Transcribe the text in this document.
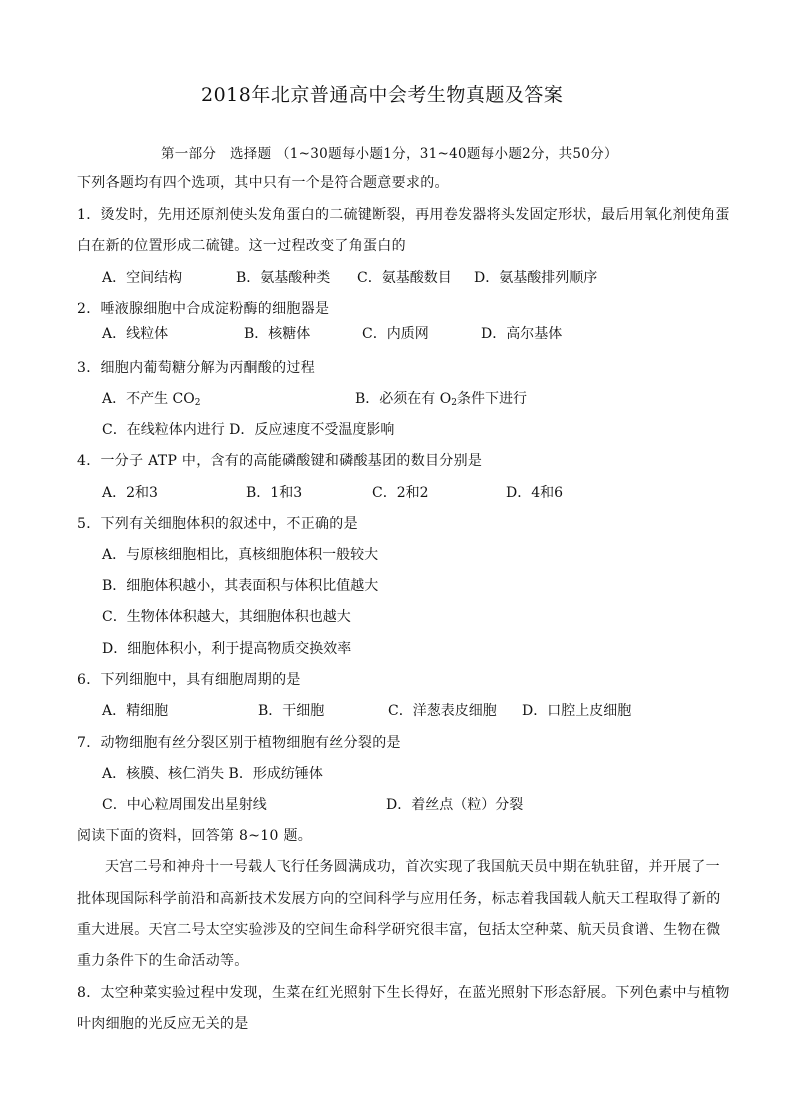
2018年北京普通高中会考生物真题及答案
第一部分　选择题 （1~30题每小题1分，31~40题每小题2分，共50分）
下列各题均有四个选项，其中只有一个是符合题意要求的。
1．烫发时，先用还原剂使头发角蛋白的二硫键断裂，再用卷发器将头发固定形状，最后用氧化剂使角蛋
白在新的位置形成二硫键。这一过程改变了角蛋白的
A．空间结构	B．氨基酸种类 C．氨基酸数目 D．氨基酸排列顺序
2．唾液腺细胞中合成淀粉酶的细胞器是
A．线粒体	B．核糖体	C．内质网	D．高尔基体
3．细胞内葡萄糖分解为丙酮酸的过程
A．不产生 $CO_2$	B．必须在有 $O_2$条件下进行
C．在线粒体内进行 D．反应速度不受温度影响
4．一分子 ATP 中，含有的高能磷酸键和磷酸基团的数目分别是
A．2和3	B．1和3	C．2和2	D．4和6
5．下列有关细胞体积的叙述中，不正确的是
A．与原核细胞相比，真核细胞体积一般较大
B．细胞体积越小，其表面积与体积比值越大
C．生物体体积越大，其细胞体积也越大
D．细胞体积小，利于提高物质交换效率
6．下列细胞中，具有细胞周期的是
A．精细胞	B．干细胞	C．洋葱表皮细胞 D．口腔上皮细胞
7．动物细胞有丝分裂区别于植物细胞有丝分裂的是
A．核膜、核仁消失 B．形成纺锤体
C．中心粒周围发出星射线	D．着丝点（粒）分裂
阅读下面的资料，回答第 8~10 题。
天宫二号和神舟十一号载人飞行任务圆满成功，首次实现了我国航天员中期在轨驻留，并开展了一
批体现国际科学前沿和高新技术发展方向的空间科学与应用任务，标志着我国载人航天工程取得了新的
重大进展。天宫二号太空实验涉及的空间生命科学研究很丰富，包括太空种菜、航天员食谱、生物在微
重力条件下的生命活动等。
8．太空种菜实验过程中发现，生菜在红光照射下生长得好，在蓝光照射下形态舒展。下列色素中与植物
叶肉细胞的光反应无关的是
